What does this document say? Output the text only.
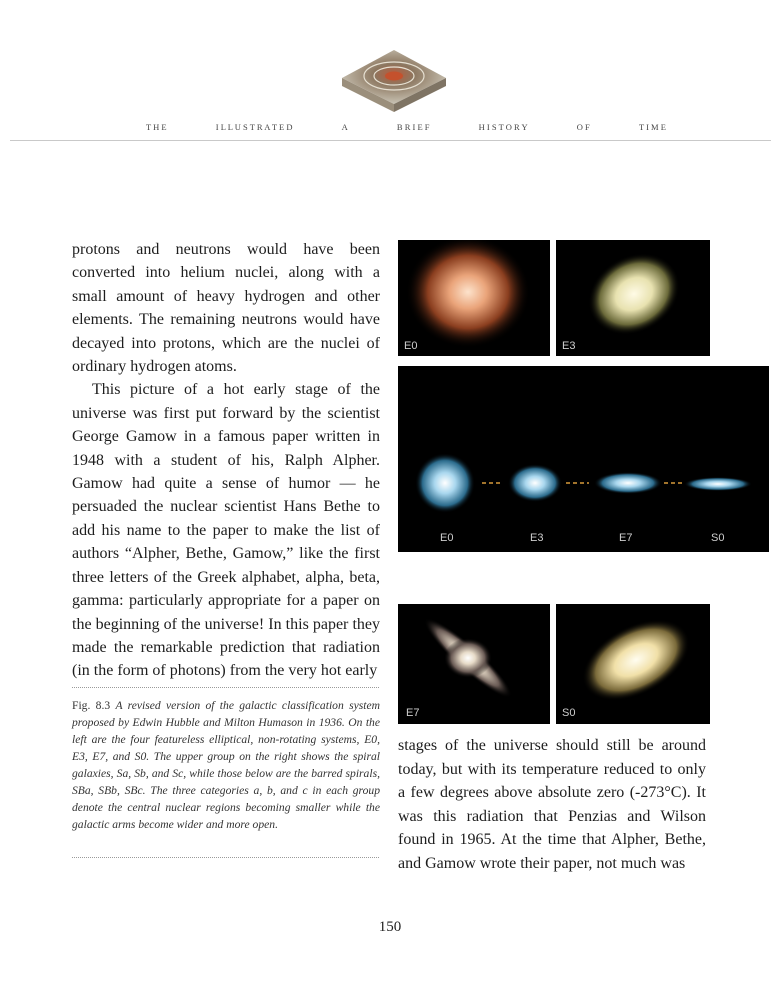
T H E	I L L U S T R A T E D	A	B R I E F	H I S T O R Y	O F	T I M E

protons and neutrons would have been converted into helium nuclei, along with a small amount of heavy hydrogen and other elements. The remaining neutrons would have decayed into protons, which are the nuclei of ordinary hydrogen atoms.

This picture of a hot early stage of the universe was first put forward by the scientist George Gamow in a famous paper written in 1948 with a student of his, Ralph Alpher. Gamow had quite a sense of humor — he persuaded the nuclear scientist Hans Bethe to add his name to the paper to make the list of authors “Alpher, Bethe, Gamow,” like the first three letters of the Greek alphabet, alpha, beta, gamma: particularly appropriate for a paper on the beginning of the universe! In this paper they made the remarkable prediction that radiation (in the form of photons) from the very hot early

Fig. 8.3 A revised version of the galactic classification system proposed by Edwin Hubble and Milton Humason in 1936. On the left are the four featureless elliptical, non-rotating systems, E0, E3, E7, and S0. The upper group on the right shows the spiral galaxies, Sa, Sb, and Sc, while those below are the barred spirals, SBa, SBb, SBc. The three categories a, b, and c in each group denote the central nuclear regions becoming smaller while the galactic arms become wider and more open.
E0	E3
E0	E3	E7	S0
E7	S0

stages of the universe should still be around today, but with its temperature reduced to only a few degrees above absolute zero (-273°C). It was this radiation that Penzias and Wilson found in 1965. At the time that Alpher, Bethe, and Gamow wrote their paper, not much was

150
